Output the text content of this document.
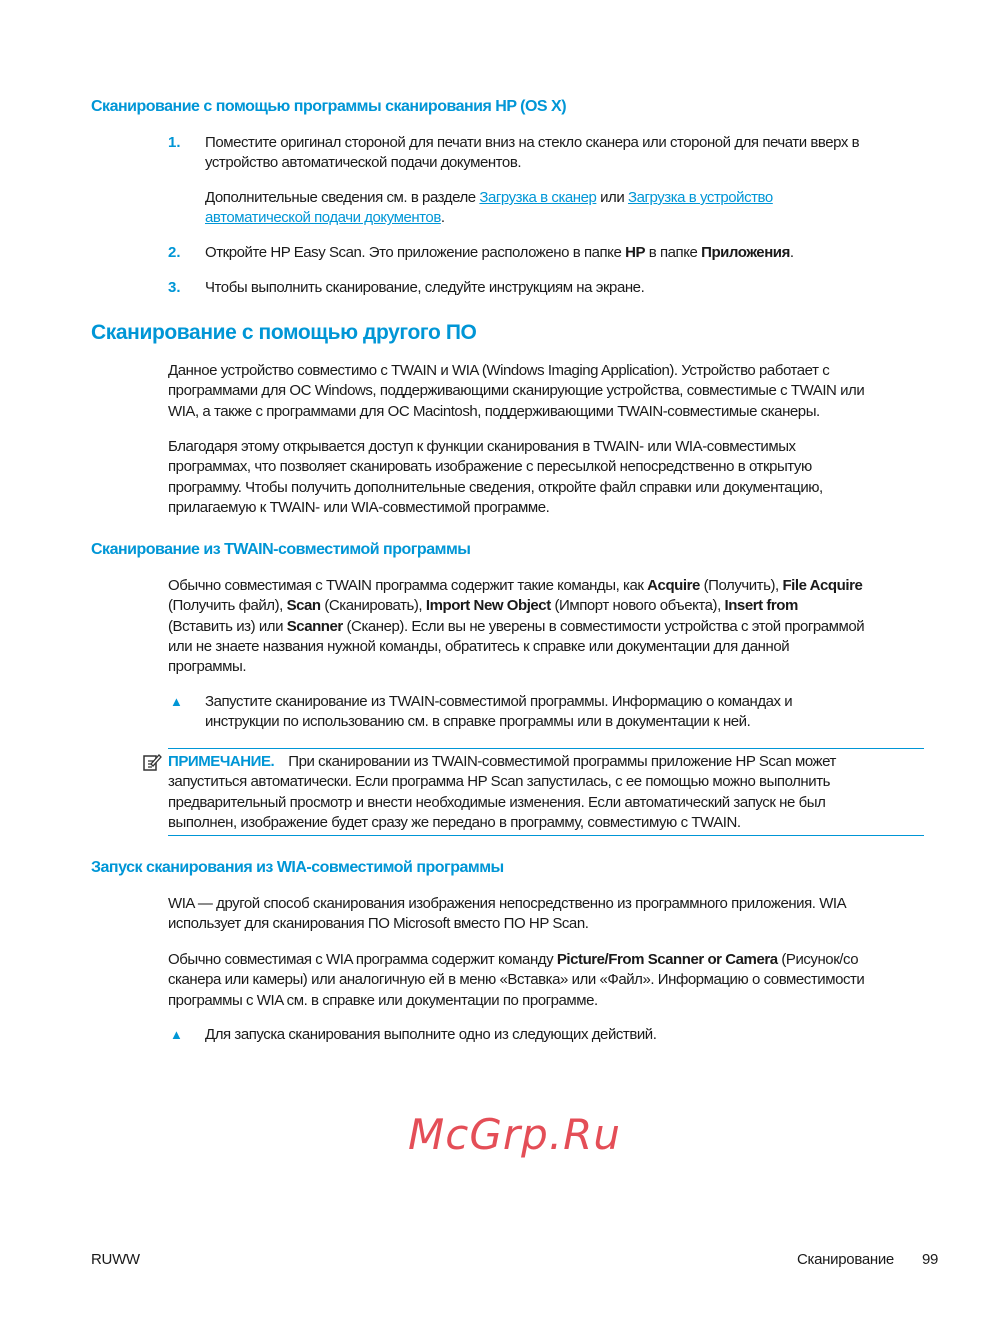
Сканирование с помощью программы сканирования HP (OS X)
1. Поместите оригинал стороной для печати вниз на стекло сканера или стороной для печати вверх в
устройство автоматической подачи документов.
Дополнительные сведения см. в разделе Загрузка в сканер или Загрузка в устройство
автоматической подачи документов.
2. Откройте HP Easy Scan. Это приложение расположено в папке HP в папке Приложения.
3. Чтобы выполнить сканирование, следуйте инструкциям на экране.
Сканирование с помощью другого ПО
Данное устройство совместимо с TWAIN и WIA (Windows Imaging Application). Устройство работает с
программами для ОС Windows, поддерживающими сканирующие устройства, совместимые с TWAIN или
WIA, а также с программами для ОС Macintosh, поддерживающими TWAIN-совместимые сканеры.
Благодаря этому открывается доступ к функции сканирования в TWAIN- или WIA-совместимых
программах, что позволяет сканировать изображение с пересылкой непосредственно в открытую
программу. Чтобы получить дополнительные сведения, откройте файл справки или документацию,
прилагаемую к TWAIN- или WIA-совместимой программе.
Сканирование из TWAIN-совместимой программы
Обычно совместимая с TWAIN программа содержит такие команды, как Acquire (Получить), File Acquire
(Получить файл), Scan (Сканировать), Import New Object (Импорт нового объекта), Insert from
(Вставить из) или Scanner (Сканер). Если вы не уверены в совместимости устройства с этой программой
или не знаете названия нужной команды, обратитесь к справке или документации для данной
программы.
▲ Запустите сканирование из TWAIN-совместимой программы. Информацию о командах и
инструкции по использованию см. в справке программы или в документации к ней.
ПРИМЕЧАНИЕ. При сканировании из TWAIN-совместимой программы приложение HP Scan может
запуститься автоматически. Если программа HP Scan запустилась, с ее помощью можно выполнить
предварительный просмотр и внести необходимые изменения. Если автоматический запуск не был
выполнен, изображение будет сразу же передано в программу, совместимую с TWAIN.
Запуск сканирования из WIA-совместимой программы
WIA — другой способ сканирования изображения непосредственно из программного приложения. WIA
использует для сканирования ПО Microsoft вместо ПО HP Scan.
Обычно совместимая с WIA программа содержит команду Picture/From Scanner or Camera (Рисунок/со
сканера или камеры) или аналогичную ей в меню «Вставка» или «Файл». Информацию о совместимости
программы с WIA см. в справке или документации по программе.
▲ Для запуска сканирования выполните одно из следующих действий.
McGrp.Ru
RUWW	Сканирование 99
